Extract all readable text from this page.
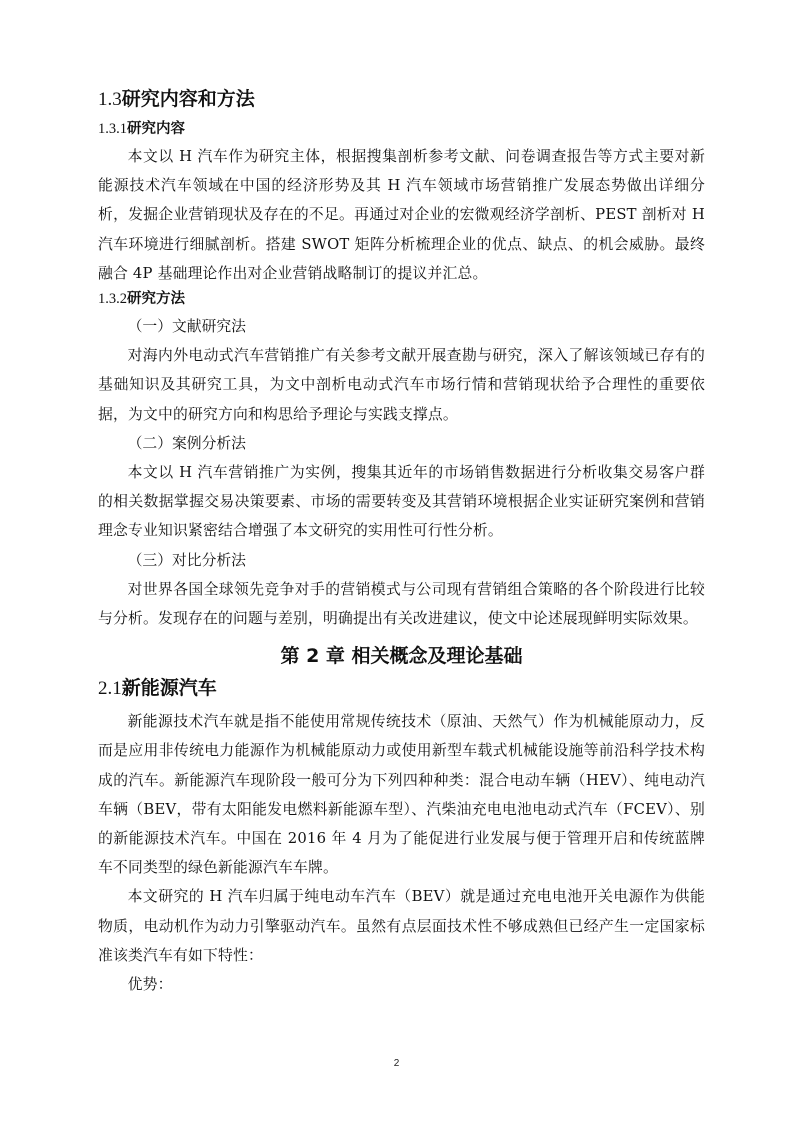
1.3研究内容和方法
1.3.1研究内容

本文以 H 汽车作为研究主体，根据搜集剖析参考文献、问卷调查报告等方式主要对新能源技术汽车领域在中国的经济形势及其 H 汽车领域市场营销推广发展态势做出详细分析，发掘企业营销现状及存在的不足。再通过对企业的宏微观经济学剖析、PEST 剖析对 H 汽车环境进行细腻剖析。搭建 SWOT 矩阵分析梳理企业的优点、缺点、的机会威胁。最终融合 4P 基础理论作出对企业营销战略制订的提议并汇总。

1.3.2研究方法
（一）文献研究法

对海内外电动式汽车营销推广有关参考文献开展查勘与研究，深入了解该领域已存有的基础知识及其研究工具，为文中剖析电动式汽车市场行情和营销现状给予合理性的重要依据，为文中的研究方向和构思给予理论与实践支撑点。

（二）案例分析法

本文以 H 汽车营销推广为实例，搜集其近年的市场销售数据进行分析收集交易客户群的相关数据掌握交易决策要素、市场的需要转变及其营销环境根据企业实证研究案例和营销理念专业知识紧密结合增强了本文研究的实用性可行性分析。

（三）对比分析法

对世界各国全球领先竞争对手的营销模式与公司现有营销组合策略的各个阶段进行比较与分析。发现存在的问题与差别，明确提出有关改进建议，使文中论述展现鲜明实际效果。

第 2 章 相关概念及理论基础
2.1新能源汽车

新能源技术汽车就是指不能使用常规传统技术（原油、天然气）作为机械能原动力，反而是应用非传统电力能源作为机械能原动力或使用新型车载式机械能设施等前沿科学技术构成的汽车。新能源汽车现阶段一般可分为下列四种种类：混合电动车辆（HEV）、纯电动汽车辆（BEV，带有太阳能发电燃料新能源车型）、汽柴油充电电池电动式汽车（FCEV）、别的新能源技术汽车。中国在 2016 年 4 月为了能促进行业发展与便于管理开启和传统蓝牌车不同类型的绿色新能源汽车车牌。

本文研究的 H 汽车归属于纯电动车汽车（BEV）就是通过充电电池开关电源作为供能物质，电动机作为动力引擎驱动汽车。虽然有点层面技术性不够成熟但已经产生一定国家标准该类汽车有如下特性：

优势：

2
